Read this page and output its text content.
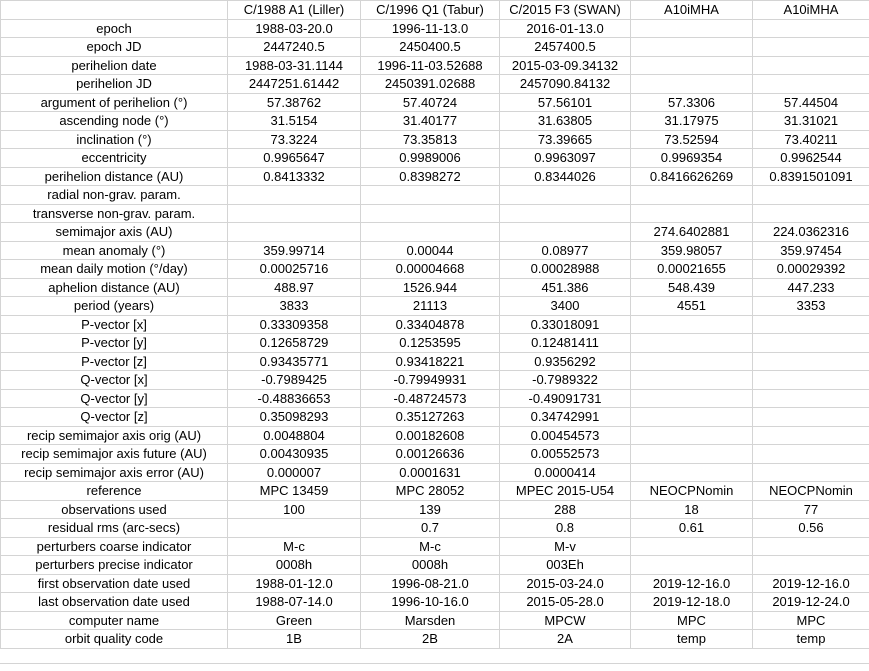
	C/1988 A1 (Liller)	C/1996 Q1 (Tabur)	C/2015 F3 (SWAN)	A10iMHA	A10iMHA
epoch	1988-03-20.0	1996-11-13.0	2016-01-13.0		
epoch JD	2447240.5	2450400.5	2457400.5		
perihelion date	1988-03-31.1144	1996-11-03.52688	2015-03-09.34132		
perihelion JD	2447251.61442	2450391.02688	2457090.84132		
argument of perihelion (°)	57.38762	57.40724	57.56101	57.3306	57.44504
ascending node (°)	31.5154	31.40177	31.63805	31.17975	31.31021
inclination (°)	73.3224	73.35813	73.39665	73.52594	73.40211
eccentricity	0.9965647	0.9989006	0.9963097	0.9969354	0.9962544
perihelion distance (AU)	0.8413332	0.8398272	0.8344026	0.8416626269	0.8391501091
radial non-grav. param.					
transverse non-grav. param.					
semimajor axis (AU)				274.6402881	224.0362316
mean anomaly (°)	359.99714	0.00044	0.08977	359.98057	359.97454
mean daily motion (°/day)	0.00025716	0.00004668	0.00028988	0.00021655	0.00029392
aphelion distance (AU)	488.97	1526.944	451.386	548.439	447.233
period (years)	3833	21113	3400	4551	3353
P-vector [x]	0.33309358	0.33404878	0.33018091		
P-vector [y]	0.12658729	0.1253595	0.12481411		
P-vector [z]	0.93435771	0.93418221	0.9356292		
Q-vector [x]	-0.7989425	-0.79949931	-0.7989322		
Q-vector [y]	-0.48836653	-0.48724573	-0.49091731		
Q-vector [z]	0.35098293	0.35127263	0.34742991		
recip semimajor axis orig (AU)	0.0048804	0.00182608	0.00454573		
recip semimajor axis future (AU)	0.00430935	0.00126636	0.00552573		
recip semimajor axis error (AU)	0.000007	0.0001631	0.0000414		
reference	MPC 13459	MPC 28052	MPEC 2015-U54	NEOCPNomin	NEOCPNomin
observations used	100	139	288	18	77
residual rms (arc-secs)		0.7	0.8	0.61	0.56
perturbers coarse indicator	M-c	M-c	M-v		
perturbers precise indicator	0008h	0008h	003Eh		
first observation date used	1988-01-12.0	1996-08-21.0	2015-03-24.0	2019-12-16.0	2019-12-16.0
last observation date used	1988-07-14.0	1996-10-16.0	2015-05-28.0	2019-12-18.0	2019-12-24.0
computer name	Green	Marsden	MPCW	MPC	MPC
orbit quality code	1B	2B	2A	temp	temp
